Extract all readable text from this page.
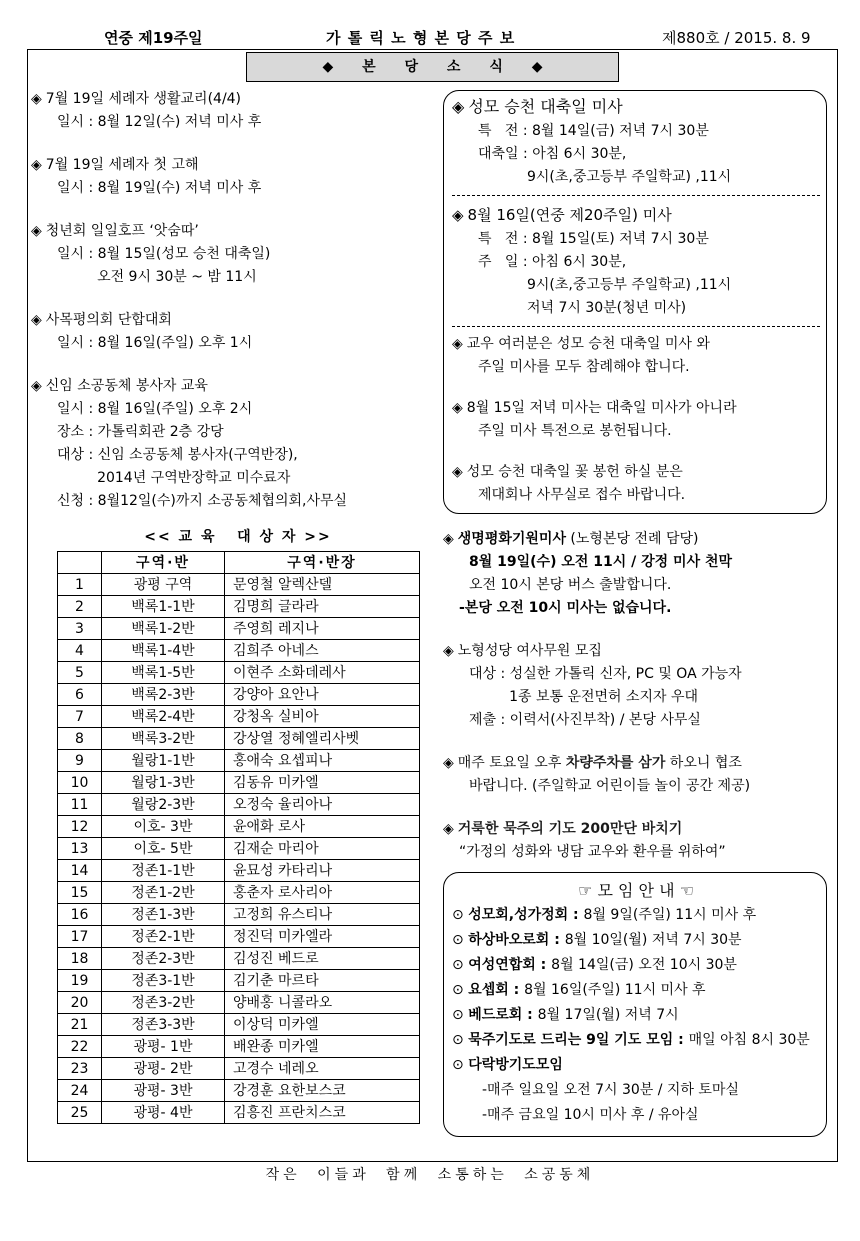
연중 제19주일	가 톨 릭 노 형 본 당 주 보	제880호 / 2015. 8. 9
◆ 본 당 소 식 ◆
◈ 7월 19일 세례자 생활교리(4/4)
일시 : 8월 12일(수) 저녁 미사 후
◈ 7월 19일 세례자 첫 고해
일시 : 8월 19일(수) 저녁 미사 후
◈ 청년회 일일호프 ‘앗숨따’
일시 : 8월 15일(성모 승천 대축일)
오전 9시 30분 ~ 밤 11시
◈ 사목평의회 단합대회
일시 : 8월 16일(주일) 오후 1시
◈ 신임 소공동체 봉사자 교육
일시 : 8월 16일(주일) 오후 2시
장소 : 가톨릭회관 2층 강당
대상 : 신임 소공동체 봉사자(구역반장),
2014년 구역반장학교 미수료자
신청 : 8월12일(수)까지 소공동체협의회,사무실
<< 교 육   대 상 자 >>
	구역·반	구역·반장
1	광평 구역	문영철 알렉산델
2	백록1-1반	김명희 글라라
3	백록1-2반	주영희 레지나
4	백록1-4반	김희주 아네스
5	백록1-5반	이현주 소화데레사
6	백록2-3반	강양아 요안나
7	백록2-4반	강청옥 실비아
8	백록3-2반	강상열 정혜엘리사벳
9	월랑1-1반	홍애숙 요셉피나
10	월랑1-3반	김동유 미카엘
11	월랑2-3반	오정숙 율리아나
12	이호- 3반	윤애화 로사
13	이호- 5반	김재순 마리아
14	정존1-1반	윤묘성 카타리나
15	정존1-2반	홍춘자 로사리아
16	정존1-3반	고정희 유스티나
17	정존2-1반	정진덕 미카엘라
18	정존2-3반	김성진 베드로
19	정존3-1반	김기춘 마르타
20	정존3-2반	양배홍 니콜라오
21	정존3-3반	이상덕 미카엘
22	광평- 1반	배완종 미카엘
23	광평- 2반	고경수 네레오
24	광평- 3반	강경훈 요한보스코
25	광평- 4반	김흥진 프란치스코
◈ 성모 승천 대축일 미사
특   전 : 8월 14일(금) 저녁 7시 30분
대축일 : 아침 6시 30분,
9시(초,중고등부 주일학교) ,11시
◈ 8월 16일(연중 제20주일) 미사
특   전 : 8월 15일(토) 저녁 7시 30분
주   일 : 아침 6시 30분,
9시(초,중고등부 주일학교) ,11시
저녁 7시 30분(청년 미사)
◈ 교우 여러분은 성모 승천 대축일 미사 와
주일 미사를 모두 참례해야 합니다.
◈ 8월 15일 저녁 미사는 대축일 미사가 아니라
주일 미사 특전으로 봉헌됩니다.
◈ 성모 승천 대축일 꽃 봉헌 하실 분은
제대회나 사무실로 접수 바랍니다.
◈ 생명평화기원미사 (노형본당 전례 담당)
8월 19일(수) 오전 11시 / 강정 미사 천막
오전 10시 본당 버스 출발합니다.
-본당 오전 10시 미사는 없습니다.
◈ 노형성당 여사무원 모집
대상 : 성실한 가톨릭 신자, PC 및 OA 가능자
1종 보통 운전면허 소지자 우대
제출 : 이력서(사진부착) / 본당 사무실
◈ 매주 토요일 오후 차량주차를 삼가 하오니 협조
바랍니다. (주일학교 어린이들 놀이 공간 제공)
◈ 거룩한 묵주의 기도 200만단 바치기
“가정의 성화와 냉담 교우와 환우를 위하여”
☞ 모 임 안 내 ☜
⊙ 성모회,성가정회 : 8월 9일(주일) 11시 미사 후
⊙ 하상바오로회 : 8월 10일(월) 저녁 7시 30분
⊙ 여성연합회 : 8월 14일(금) 오전 10시 30분
⊙ 요셉회 : 8월 16일(주일) 11시 미사 후
⊙ 베드로회 : 8월 17일(월) 저녁 7시
⊙ 묵주기도로 드리는 9일 기도 모임 : 매일 아침 8시 30분
⊙ 다락방기도모임
-매주 일요일 오전 7시 30분 / 지하 토마실
-매주 금요일 10시 미사 후 / 유아실
작은 이들과 함께 소통하는 소공동체
